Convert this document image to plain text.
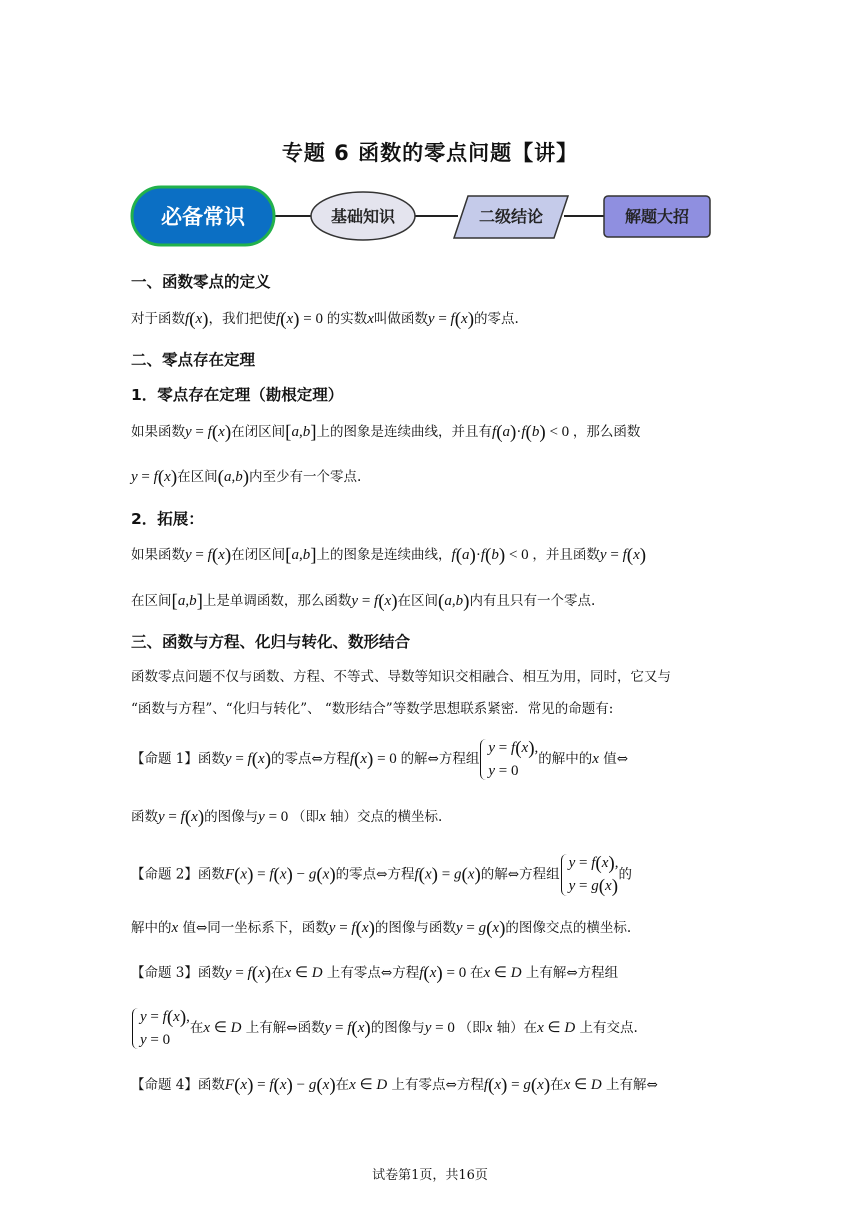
专题 6 函数的零点问题【讲】
必备常识	基础知识	二级结论	解题大招
一、函数零点的定义
对于函数f(x)，我们把使f(x) = 0 的实数x叫做函数y = f(x)的零点.
二、零点存在定理
1．零点存在定理（勘根定理）
如果函数y = f(x)在闭区间[a,b]上的图象是连续曲线，并且有f(a)·f(b) < 0 ，那么函数
y = f(x)在区间(a,b)内至少有一个零点.
2．拓展：
如果函数y = f(x)在闭区间[a,b]上的图象是连续曲线，f(a)·f(b) < 0 ，并且函数y = f(x)
在区间[a,b]上是单调函数，那么函数y = f(x)在区间(a,b)内有且只有一个零点.
三、函数与方程、化归与转化、数形结合
函数零点问题不仅与函数、方程、不等式、导数等知识交相融合、相互为用，同时，它又与
“函数与方程”、“化归与转化”、 “数形结合”等数学思想联系紧密．常见的命题有:
【命题 1】函数y = f(x)的零点⇔方程f(x) = 0 的解⇔方程组y = f(x),
y = 0的解中的x 值⇔
函数y = f(x)的图像与y = 0 （即x 轴）交点的横坐标.
【命题 2】函数F(x) = f(x) − g(x)的零点⇔方程f(x) = g(x)的解⇔方程组y = f(x),
y = g(x)的
解中的x 值⇔同一坐标系下，函数y = f(x)的图像与函数y = g(x)的图像交点的横坐标.
【命题 3】函数y = f(x)在x ∈ D 上有零点⇔方程f(x) = 0 在x ∈ D 上有解⇔方程组
y = f(x),
y = 0在x ∈ D 上有解⇔函数y = f(x)的图像与y = 0 （即x 轴）在x ∈ D 上有交点.
【命题 4】函数F(x) = f(x) − g(x)在x ∈ D 上有零点⇔方程f(x) = g(x)在x ∈ D 上有解⇔
试卷第1页，共16页
